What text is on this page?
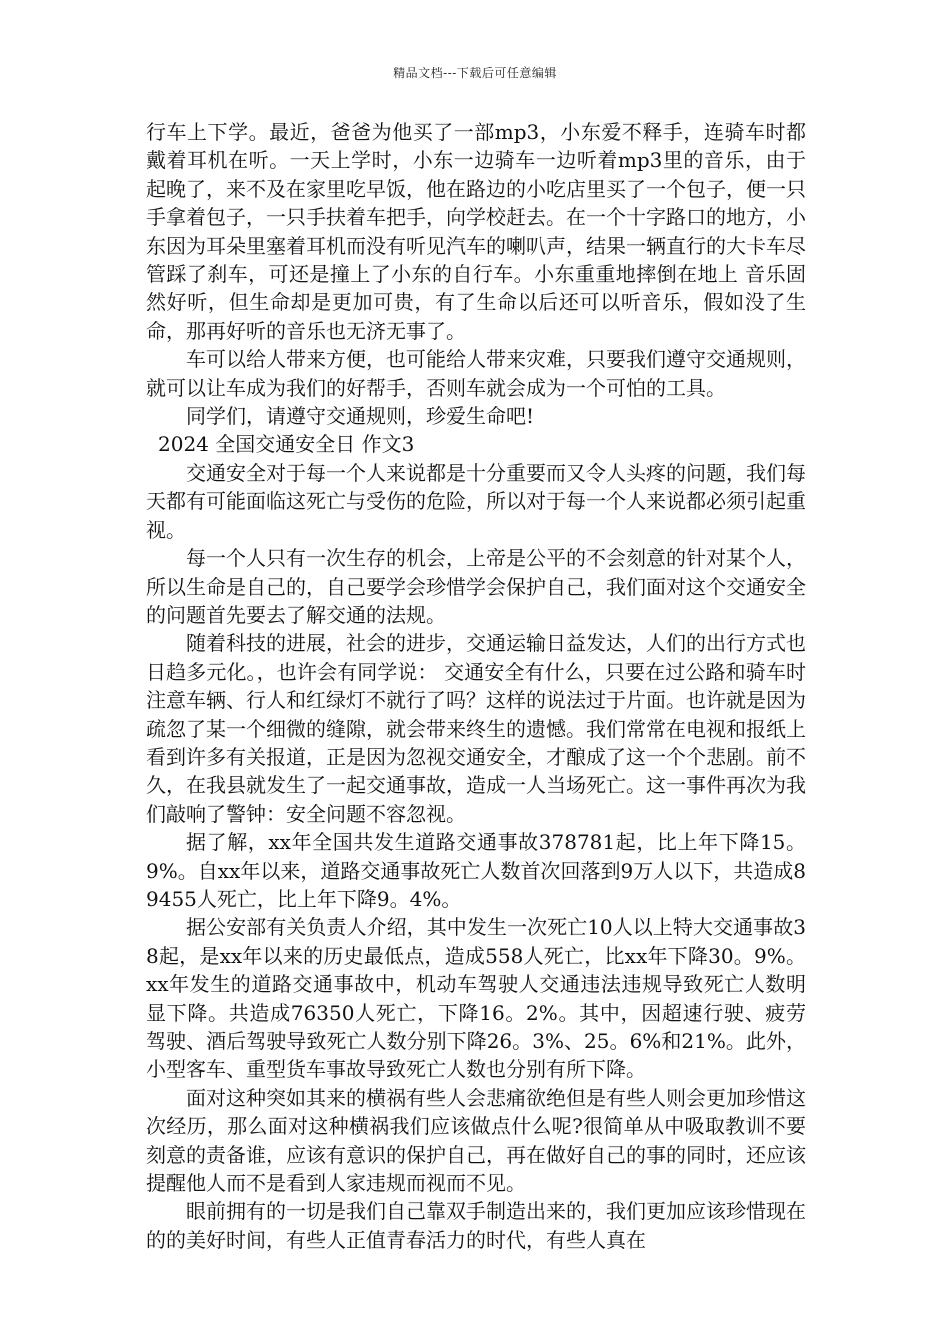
精品文档---下载后可任意编辑

行车上下学。最近，爸爸为他买了一部mp3，小东爱不释手，连骑车时都戴着耳机在听。一天上学时，小东一边骑车一边听着mp3里的音乐，由于起晚了，来不及在家里吃早饭，他在路边的小吃店里买了一个包子，便一只手拿着包子，一只手扶着车把手，向学校赶去。在一个十字路口的地方，小东因为耳朵里塞着耳机而没有听见汽车的喇叭声，结果一辆直行的大卡车尽管踩了刹车，可还是撞上了小东的自行车。小东重重地摔倒在地上 音乐固然好听，但生命却是更加可贵，有了生命以后还可以听音乐，假如没了生命，那再好听的音乐也无济无事了。

车可以给人带来方便，也可能给人带来灾难，只要我们遵守交通规则，就可以让车成为我们的好帮手，否则车就会成为一个可怕的工具。

同学们，请遵守交通规则，珍爱生命吧!

2024 全国交通安全日 作文3

交通安全对于每一个人来说都是十分重要而又令人头疼的问题，我们每天都有可能面临这死亡与受伤的危险，所以对于每一个人来说都必须引起重视。

每一个人只有一次生存的机会，上帝是公平的不会刻意的针对某个人，所以生命是自己的，自己要学会珍惜学会保护自己，我们面对这个交通安全的问题首先要去了解交通的法规。

随着科技的进展，社会的进步，交通运输日益发达，人们的出行方式也日趋多元化。，也许会有同学说： 交通安全有什么，只要在过公路和骑车时注意车辆、行人和红绿灯不就行了吗？这样的说法过于片面。也许就是因为疏忽了某一个细微的缝隙，就会带来终生的遗憾。我们常常在电视和报纸上看到许多有关报道，正是因为忽视交通安全，才酿成了这一个个悲剧。前不久，在我县就发生了一起交通事故，造成一人当场死亡。这一事件再次为我们敲响了警钟：安全问题不容忽视。

据了解，xx年全国共发生道路交通事故378781起，比上年下降15。9%。自xx年以来，道路交通事故死亡人数首次回落到9万人以下，共造成89455人死亡，比上年下降9。4%。

据公安部有关负责人介绍，其中发生一次死亡10人以上特大交通事故38起，是xx年以来的历史最低点，造成558人死亡，比xx年下降30。9%。xx年发生的道路交通事故中，机动车驾驶人交通违法违规导致死亡人数明显下降。共造成76350人死亡，下降16。2%。其中，因超速行驶、疲劳驾驶、酒后驾驶导致死亡人数分别下降26。3%、25。6%和21%。此外，小型客车、重型货车事故导致死亡人数也分别有所下降。

面对这种突如其来的横祸有些人会悲痛欲绝但是有些人则会更加珍惜这次经历，那么面对这种横祸我们应该做点什么呢?很简单从中吸取教训不要刻意的责备谁，应该有意识的保护自己，再在做好自己的事的同时，还应该提醒他人而不是看到人家违规而视而不见。

眼前拥有的一切是我们自己靠双手制造出来的，我们更加应该珍惜现在的的美好时间，有些人正值青春活力的时代，有些人真在
